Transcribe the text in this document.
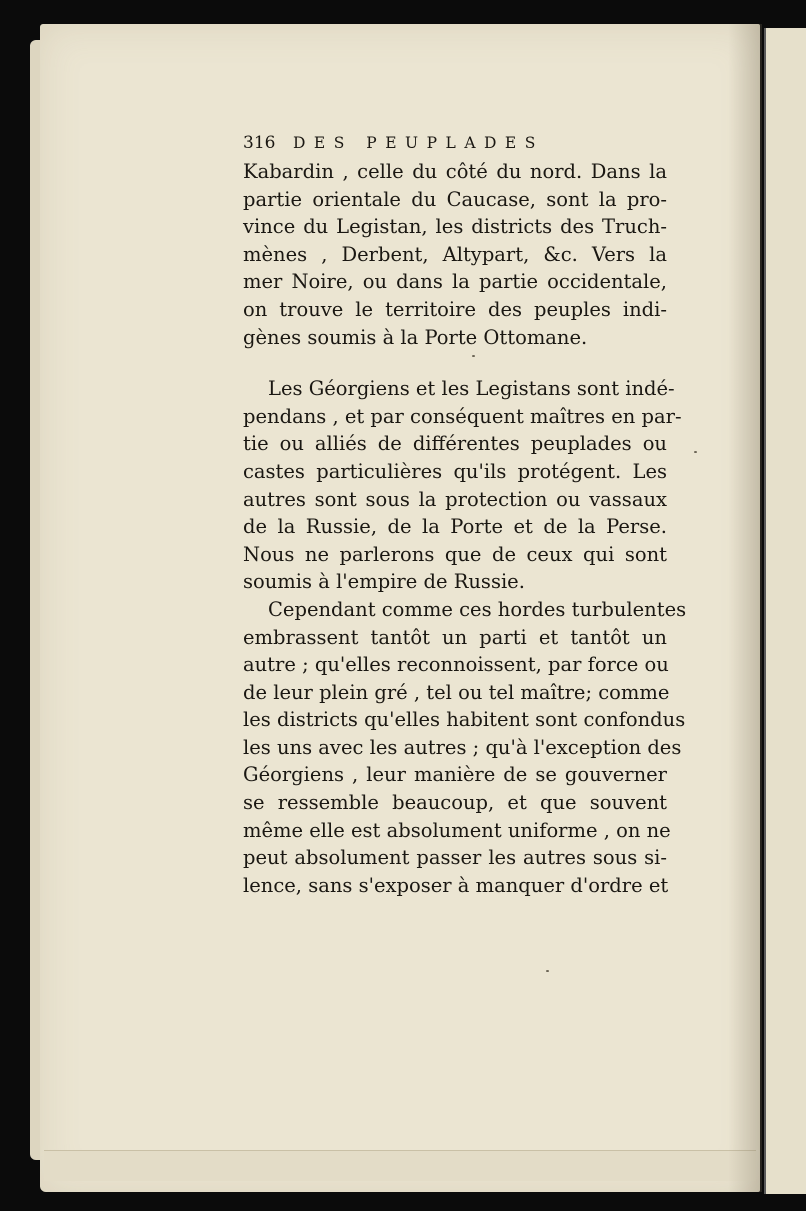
316	DES PEUPLADES
Kabardin , celle du côté du nord. Dans la
partie orientale du Caucase, sont la pro-
vince du Legistan, les districts des Truch-
mènes , Derbent, Altypart, &c. Vers la
mer Noire, ou dans la partie occidentale,
on trouve le territoire des peuples indi-
gènes soumis à la Porte Ottomane.
Les Géorgiens et les Legistans sont indé-
pendans , et par conséquent maîtres en par-
tie ou alliés de différentes peuplades ou
castes particulières qu'ils protégent. Les
autres sont sous la protection ou vassaux
de la Russie, de la Porte et de la Perse.
Nous ne parlerons que de ceux qui sont
soumis à l'empire de Russie.
Cependant comme ces hordes turbulentes
embrassent tantôt un parti et tantôt un
autre ; qu'elles reconnoissent, par force ou
de leur plein gré , tel ou tel maître; comme
les districts qu'elles habitent sont confondus
les uns avec les autres ; qu'à l'exception des
Géorgiens , leur manière de se gouverner
se ressemble beaucoup, et que souvent
même elle est absolument uniforme , on ne
peut absolument passer les autres sous si-
lence, sans s'exposer à manquer d'ordre et
